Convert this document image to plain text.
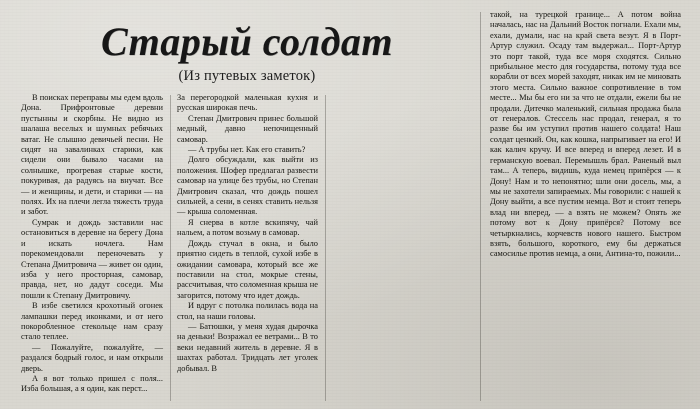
Старый солдат
(Из путевых заметок)

В поисках переправы мы едем вдоль Дона. Прифронтовые деревни пустынны и скорбны. Не видно из шалаша веселых и шумных ребячьих ватаг. Не слышно девичьей песни. Не сидят на завалинках старики, как сидели они бывало часами на солнышке, прогревая старые кости, покуривая, да радуясь на внучат. Все — и женщины, и дети, и старики — на полях. Их на плечи легла тяжесть труда и забот.

Сумрак и дождь заставили нас остановиться в деревне на берегу Дона и искать ночлега. Нам порекомендовали переночевать у Степана Дмитровича — живет он один, изба у него просторная, самовар, правда, нет, но дадут соседи. Мы пошли к Степану Дмитровичу.

В избе светился крохотный огонек лампашки перед иконками, и от него покоробленное стекольце нам сразу стало теплее.

— Пожалуйте, пожалуйте, — раздался бодрый голос, и нам открыли дверь.

А я вот только пришел с поля... Изба большая, а я один, как перст...

За перегородкой маленькая кухня и русская широкая печь.

Степан Дмитрович принес большой медный, давно непочищенный самовар.

— А трубы нет. Как его ставить?

Долго обсуждали, как выйти из положения. Шофер предлагал развести самовар на улице без трубы, но Степан Дмитрович сказал, что дождь пошел сильней, а сени, в сенях ставить нельзя — крыша соломенная.

Я снерва в котле вскипячу, чай нальем, а потом возьму в самовар.

Дождь стучал в окна, и было приятно сидеть в теплой, сухой избе в ожидании самовара, который все же поставили на стол, мокрые стены, рассчитывая, что соломенная крыша не загорится, потому что идет дождь.

И вдруг с потолка полилась вода на стол, на наши головы.

— Батюшки, у меня худая дырочка на деньки! Возражал ее ветрами... В то веки недавний житель в деревне. Я в шахтах работал. Тридцать лет уголек добывал. В

такой, на турецкой границе... А потом война началась, нас на Дальний Восток погнали. Ехали мы, ехали, думали, нас на край света везут. Я в Порт-Артур служил. Осаду там выдержал... Порт-Артур это порт такой, туда все моря сходятся. Сильно прибыльное место для государства, потому туда все корабли от всех морей заходят, никак им не миновать этого места. Сильно важное сопротивление в том месте... Мы бы его ни за что не отдали, ежели бы не продали. Дитечко маленький, сильная продажа была от генералов. Стессель нас продал, генерал, я то разве бы им уступил против нашего солдата! Наш солдат ценкий. Он, как кошка, напрыгивает на его! И как калич кручу. И все вперед и вперед лезет. И в германскую воевал. Перемышль брал. Раненый выл там... А теперь, видишь, куда немец припёрся — к Дону! Нам и то непонятно; шли они досель, мы, а мы не захотели запираемых. Мы говорили: с нашей к Дону выйти, а все пустим немца. Вот и стоит теперь влад ни вперед, — а взять не можем? Опять же потому вот к Дону припёрся? Потому все четыркнались, корчевств нового нашего. Быстром взять, большого, короткого, ему бы держаться самосилье против немца, а они, Антина-то, пожили...
